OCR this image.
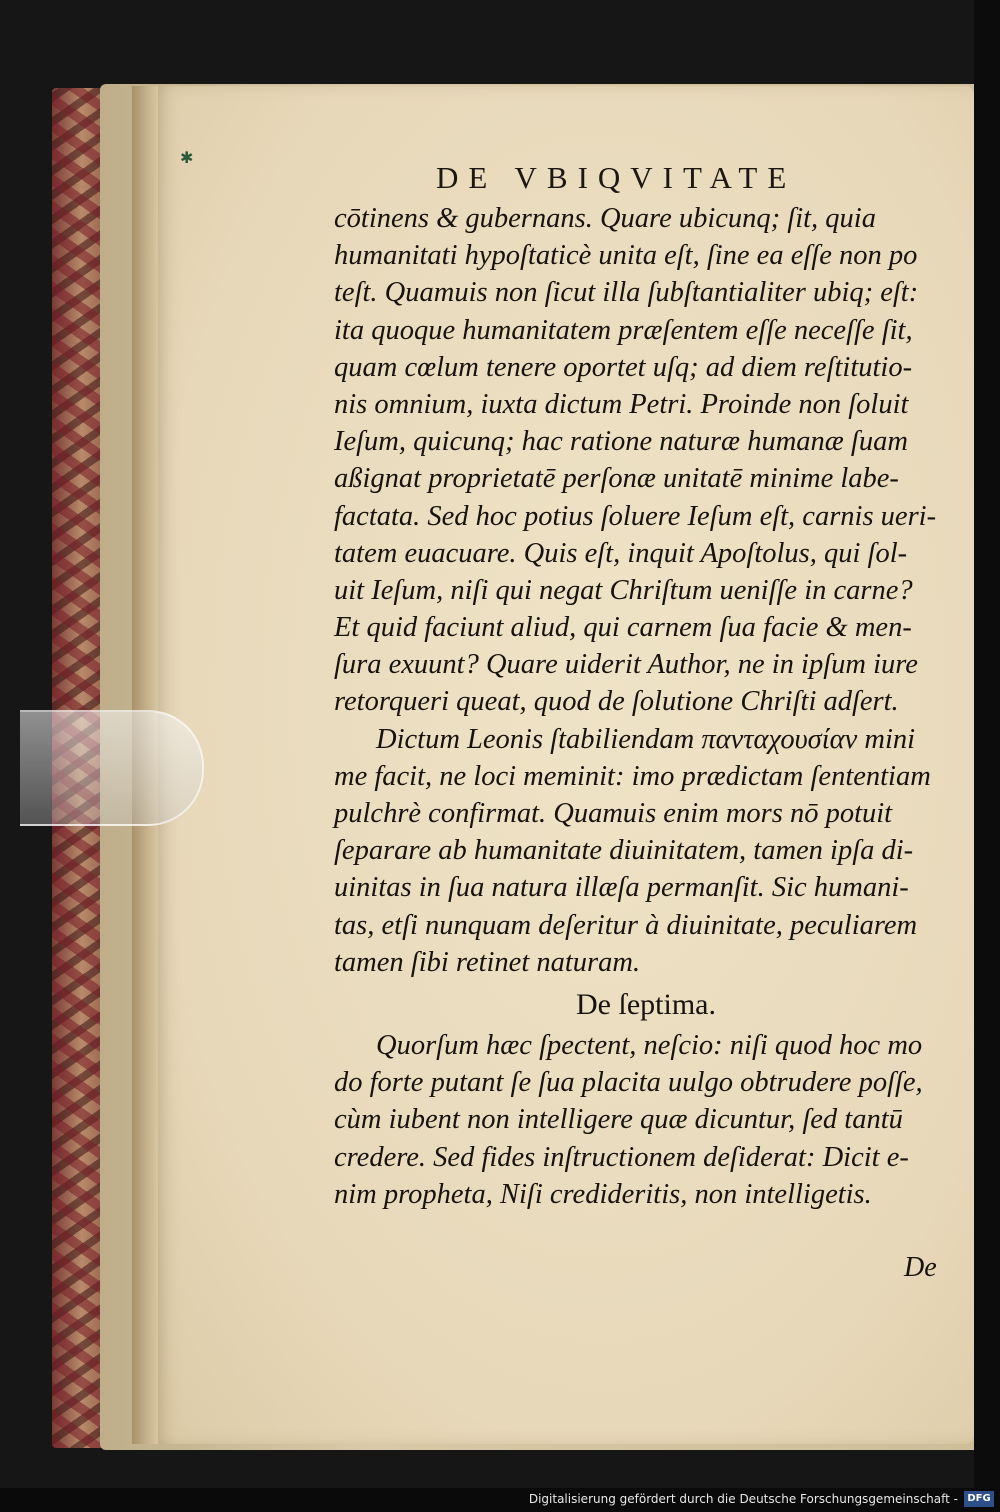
✱
DE VBIQVITATE
cōtinens & gubernans. Quare ubicunq; ſit, quia
humanitati hypoſtaticè unita eſt, ſine ea eſſe non po
teſt. Quamuis non ſicut illa ſubſtantialiter ubiq; eſt:
ita quoque humanitatem præſentem eſſe neceſſe ſit,
quam cœlum tenere oportet uſq; ad diem reſtitutio-
nis omnium, iuxta dictum Petri. Proinde non ſoluit
Ieſum, quicunq; hac ratione naturæ humanæ ſuam
aßignat proprietatē perſonæ unitatē minime labe-
factata. Sed hoc potius ſoluere Ieſum eſt, carnis ueri-
tatem euacuare. Quis eſt, inquit Apoſtolus, qui ſol-
uit Ieſum, niſi qui negat Chriſtum ueniſſe in carne?
Et quid faciunt aliud, qui carnem ſua facie & men-
ſura exuunt? Quare uiderit Author, ne in ipſum iure
retorqueri queat, quod de ſolutione Chriſti adſert.
Dictum Leonis ſtabiliendam πανταχουσίαν mini
me facit, ne loci meminit: imo prædictam ſententiam
pulchrè confirmat. Quamuis enim mors nō potuit
ſeparare ab humanitate diuinitatem, tamen ipſa di-
uinitas in ſua natura illæſa permanſit. Sic humani-
tas, etſi nunquam deſeritur à diuinitate, peculiarem
tamen ſibi retinet naturam.
De ſeptima.
Quorſum hæc ſpectent, neſcio: niſi quod hoc mo
do forte putant ſe ſua placita uulgo obtrudere poſſe,
cùm iubent non intelligere quæ dicuntur, ſed tantū
credere. Sed fides inſtructionem deſiderat: Dicit e-
nim propheta, Niſi credideritis, non intelligetis.
De
Digitalisierung gefördert durch die Deutsche Forschungsgemeinschaft - DFG
